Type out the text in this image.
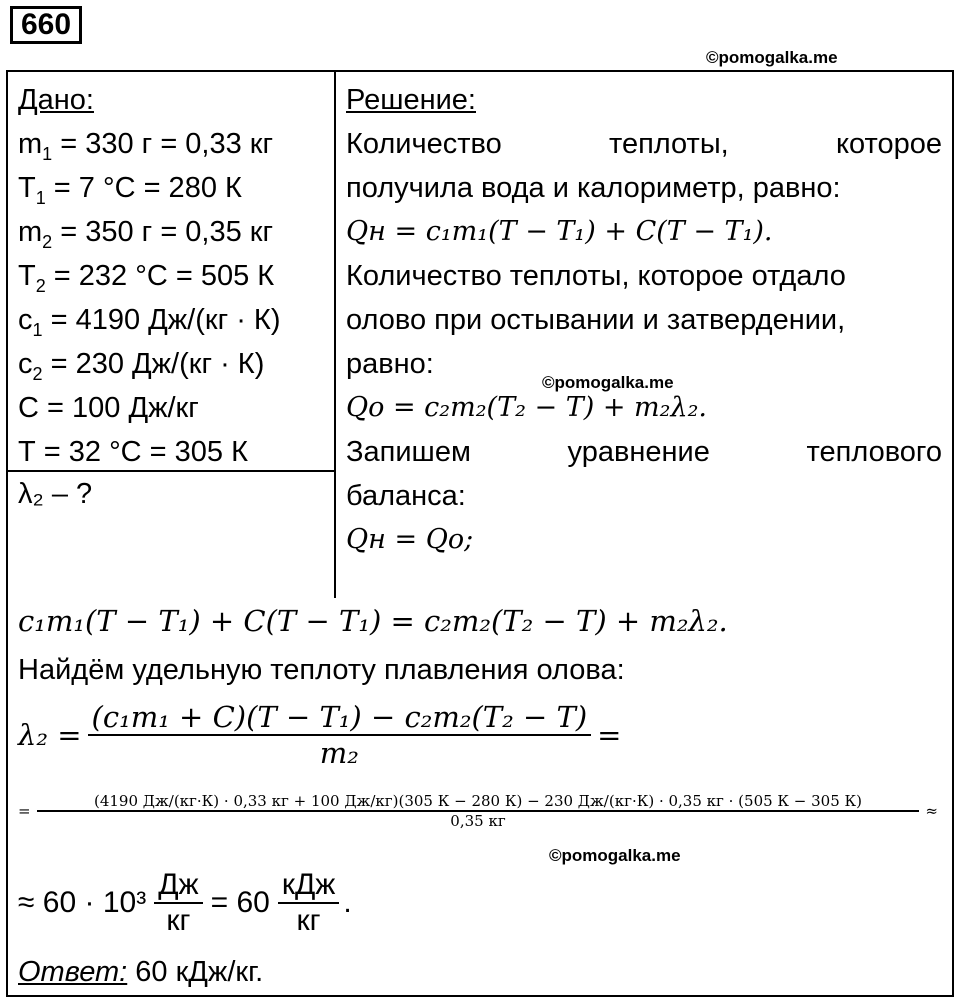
660
©pomogalka.me
Дано:
$m_1 = 330$ г = 0,33 кг
$T_1 = 7$ °C = 280 К
$m_2 = 350$ г = 0,35 кг
$T_2 = 232$ °C = 505 К
$c_1 = 4190$ Дж/(кг · К)
$c_2 = 230$ Дж/(кг · К)
C = 100 Дж/кг
T = 32 °C = 305 К
λ₂ – ?
Решение:
Количество	теплоты,	которое
получила вода и калориметр, равно:
Qн = c₁m₁(T − T₁) + C(T − T₁).
Количество теплоты, которое отдало
олово при остывании и затвердении,
равно:
Qо = c₂m₂(T₂ − T) + m₂λ₂.
Запишем	уравнение	теплового
баланса:
Qн = Qо;
©pomogalka.me
c₁m₁(T − T₁) + C(T − T₁) = c₂m₂(T₂ − T) + m₂λ₂.
Найдём удельную теплоту плавления олова:
$\lambda_2 = \frac{\text{(c₁m₁ + C)(T − T₁) − c₂m₂(T₂ − T)}}{\text{m₂}}$ =
=
(4190 Дж/(кг·К) · 0,33 кг + 100 Дж/кг)(305 К − 280 К) − 230 Дж/(кг·К) · 0,35 кг · (505 К − 305 К)
0,35 кг
≈
©pomogalka.me
≈ $60 \cdot 10^3 \frac{Дж}{кг} = 60 \frac{\text{кДж}}{кг}$ .
Ответ: 60 кДж/кг.
